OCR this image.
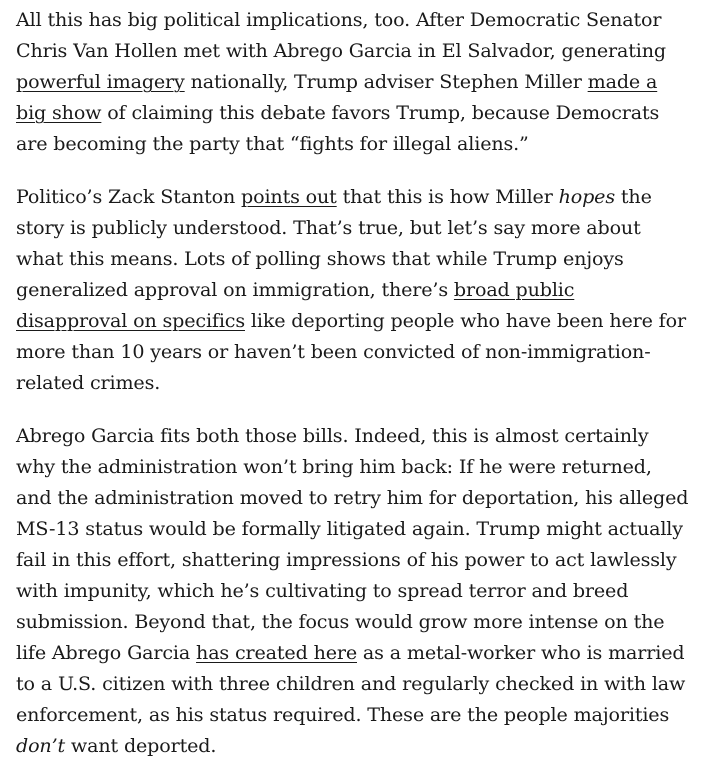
All this has big political implications, too. After Democratic Senator Chris Van Hollen met with Abrego Garcia in El Salvador, generating powerful imagery nationally, Trump adviser Stephen Miller made a big show of claiming this debate favors Trump, because Democrats are becoming the party that “fights for illegal aliens.”

Politico’s Zack Stanton points out that this is how Miller hopes the story is publicly understood. That’s true, but let’s say more about what this means. Lots of polling shows that while Trump enjoys generalized approval on immigration, there’s broad public disapproval on specifics like deporting people who have been here for more than 10 years or haven’t been convicted of non-immigration-related crimes.

Abrego Garcia fits both those bills. Indeed, this is almost certainly why the administration won’t bring him back: If he were returned, and the administration moved to retry him for deportation, his alleged MS-13 status would be formally litigated again. Trump might actually fail in this effort, shattering impressions of his power to act lawlessly with impunity, which he’s cultivating to spread terror and breed submission. Beyond that, the focus would grow more intense on the life Abrego Garcia has created here as a metal-worker who is married to a U.S. citizen with three children and regularly checked in with law enforcement, as his status required. These are the people majorities don’t want deported.
